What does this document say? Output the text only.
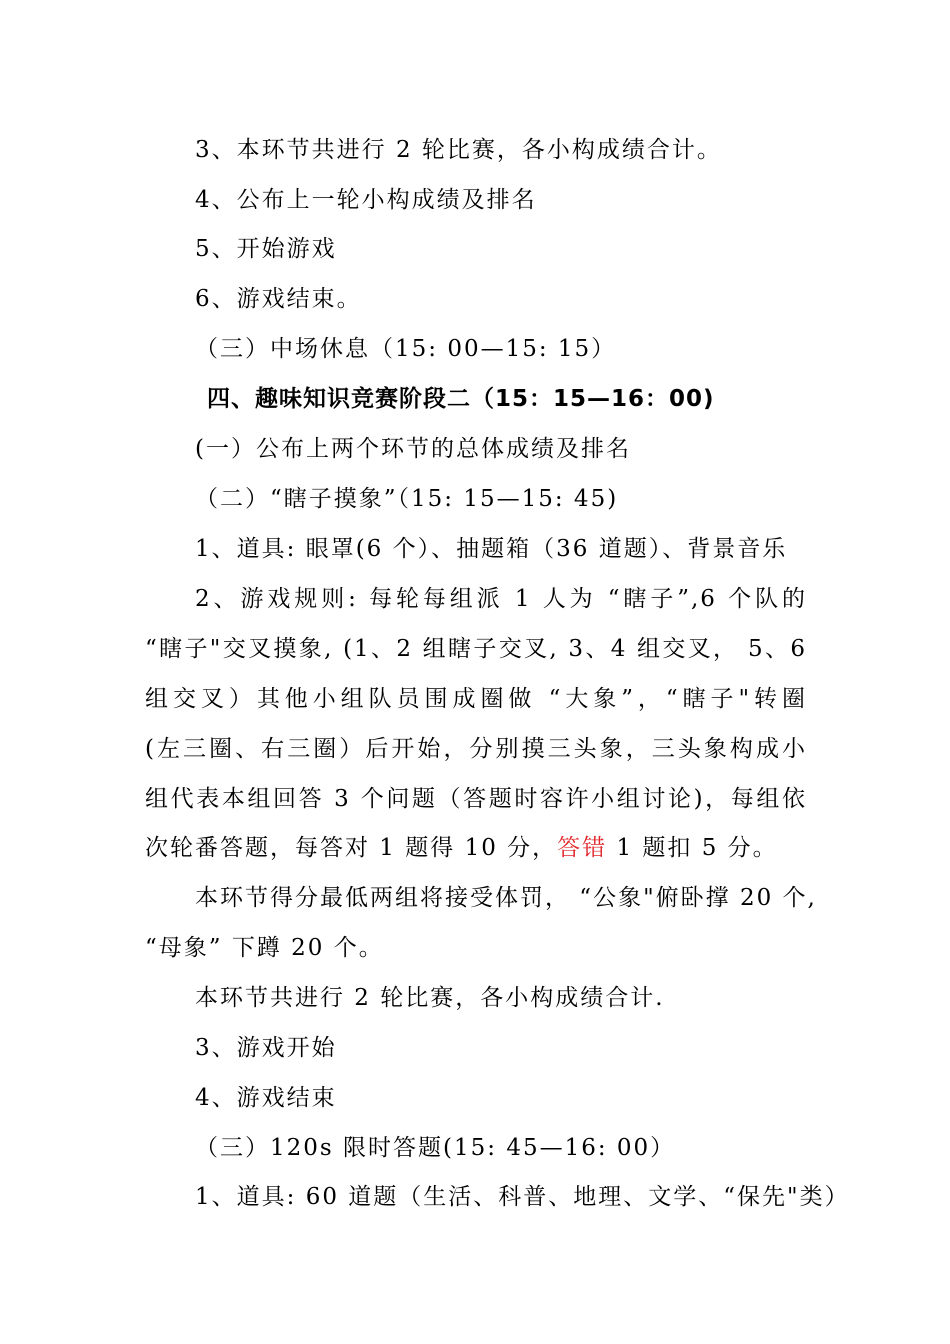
3、本环节共进行 2 轮比赛，各小构成绩合计。
4、公布上一轮小构成绩及排名
5、开始游戏
6、游戏结束。
（三）中场休息（15: 00—15: 15）
四、趣味知识竞赛阶段二（15：15—16：00)
(一）公布上两个环节的总体成绩及排名
（二）“瞎子摸象”（15: 15—15: 45)
1、道具: 眼罩(6 个）、抽题箱（36 道题）、背景音乐
2、游戏规则: 每轮每组派 1 人为 “瞎子”,6 个队的
“瞎子"交叉摸象, (1、2 组瞎子交叉, 3、4 组交叉， 5、6
组交叉）其他小组队员围成圈做 “大象”，“瞎子"转圈
(左三圈、右三圈）后开始，分别摸三头象，三头象构成小
组代表本组回答 3 个问题（答题时容许小组讨论)，每组依
次轮番答题，每答对 1 题得 10 分，答错 1 题扣 5 分。
本环节得分最低两组将接受体罚， “公象"俯卧撑 20 个,
“母象” 下蹲 20 个。
本环节共进行 2 轮比赛，各小构成绩合计.
3、游戏开始
4、游戏结束
（三）120s 限时答题(15: 45—16: 00）
1、道具: 60 道题（生活、科普、地理、文学、“保先"类）
